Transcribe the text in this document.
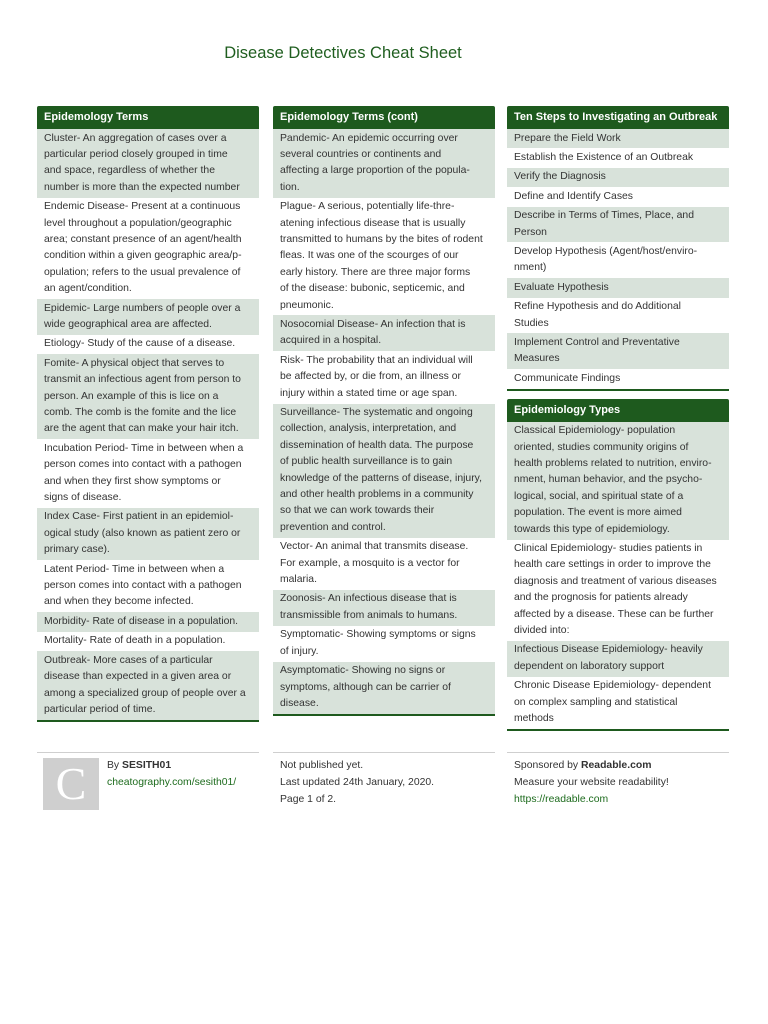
Disease Detectives Cheat Sheet
Epidemology Terms
Cluster- An aggregation of cases over a
particular period closely grouped in time
and space, regardless of whether the
number is more than the expected number
Endemic Disease- Present at a continuous
level throughout a population/geographic
area; constant presence of an agent/health
condition within a given geographic area/p-
opulation; refers to the usual prevalence of
an agent/condition.
Epidemic- Large numbers of people over a
wide geographical area are affected.
Etiology- Study of the cause of a disease.
Fomite- A physical object that serves to
transmit an infectious agent from person to
person. An example of this is lice on a
comb. The comb is the fomite and the lice
are the agent that can make your hair itch.
Incubation Period- Time in between when a
person comes into contact with a pathogen
and when they first show symptoms or
signs of disease.
Index Case- First patient in an epidemiol-
ogical study (also known as patient zero or
primary case).
Latent Period- Time in between when a
person comes into contact with a pathogen
and when they become infected.
Morbidity- Rate of disease in a population.
Mortality- Rate of death in a population.
Outbreak- More cases of a particular
disease than expected in a given area or
among a specialized group of people over a
particular period of time.
Epidemology Terms (cont)
Pandemic- An epidemic occurring over
several countries or continents and
affecting a large proportion of the popula-
tion.
Plague- A serious, potentially life-thre-
atening infectious disease that is usually
transmitted to humans by the bites of rodent
fleas. It was one of the scourges of our
early history. There are three major forms
of the disease: bubonic, septicemic, and
pneumonic.
Nosocomial Disease- An infection that is
acquired in a hospital.
Risk- The probability that an individual will
be affected by, or die from, an illness or
injury within a stated time or age span.
Surveillance- The systematic and ongoing
collection, analysis, interpretation, and
dissemination of health data. The purpose
of public health surveillance is to gain
knowledge of the patterns of disease, injury,
and other health problems in a community
so that we can work towards their
prevention and control.
Vector- An animal that transmits disease.
For example, a mosquito is a vector for
malaria.
Zoonosis- An infectious disease that is
transmissible from animals to humans.
Symptomatic- Showing symptoms or signs
of injury.
Asymptomatic- Showing no signs or
symptoms, although can be carrier of
disease.
Ten Steps to Investigating an Outbreak
Prepare the Field Work
Establish the Existence of an Outbreak
Verify the Diagnosis
Define and Identify Cases
Describe in Terms of Times, Place, and
Person
Develop Hypothesis (Agent/host/enviro-
nment)
Evaluate Hypothesis
Refine Hypothesis and do Additional
Studies
Implement Control and Preventative
Measures
Communicate Findings
Epidemiology Types
Classical Epidemiology- population
oriented, studies community origins of
health problems related to nutrition, enviro-
nment, human behavior, and the psycho-
logical, social, and spiritual state of a
population. The event is more aimed
towards this type of epidemiology.
Clinical Epidemiology- studies patients in
health care settings in order to improve the
diagnosis and treatment of various diseases
and the prognosis for patients already
affected by a disease. These can be further
divided into:
Infectious Disease Epidemiology- heavily
dependent on laboratory support
Chronic Disease Epidemiology- dependent
on complex sampling and statistical
methods
C By SESITH01
cheatography.com/sesith01/
Not published yet.
Last updated 24th January, 2020.
Page 1 of 2.
Sponsored by Readable.com
Measure your website readability!
https://readable.com
